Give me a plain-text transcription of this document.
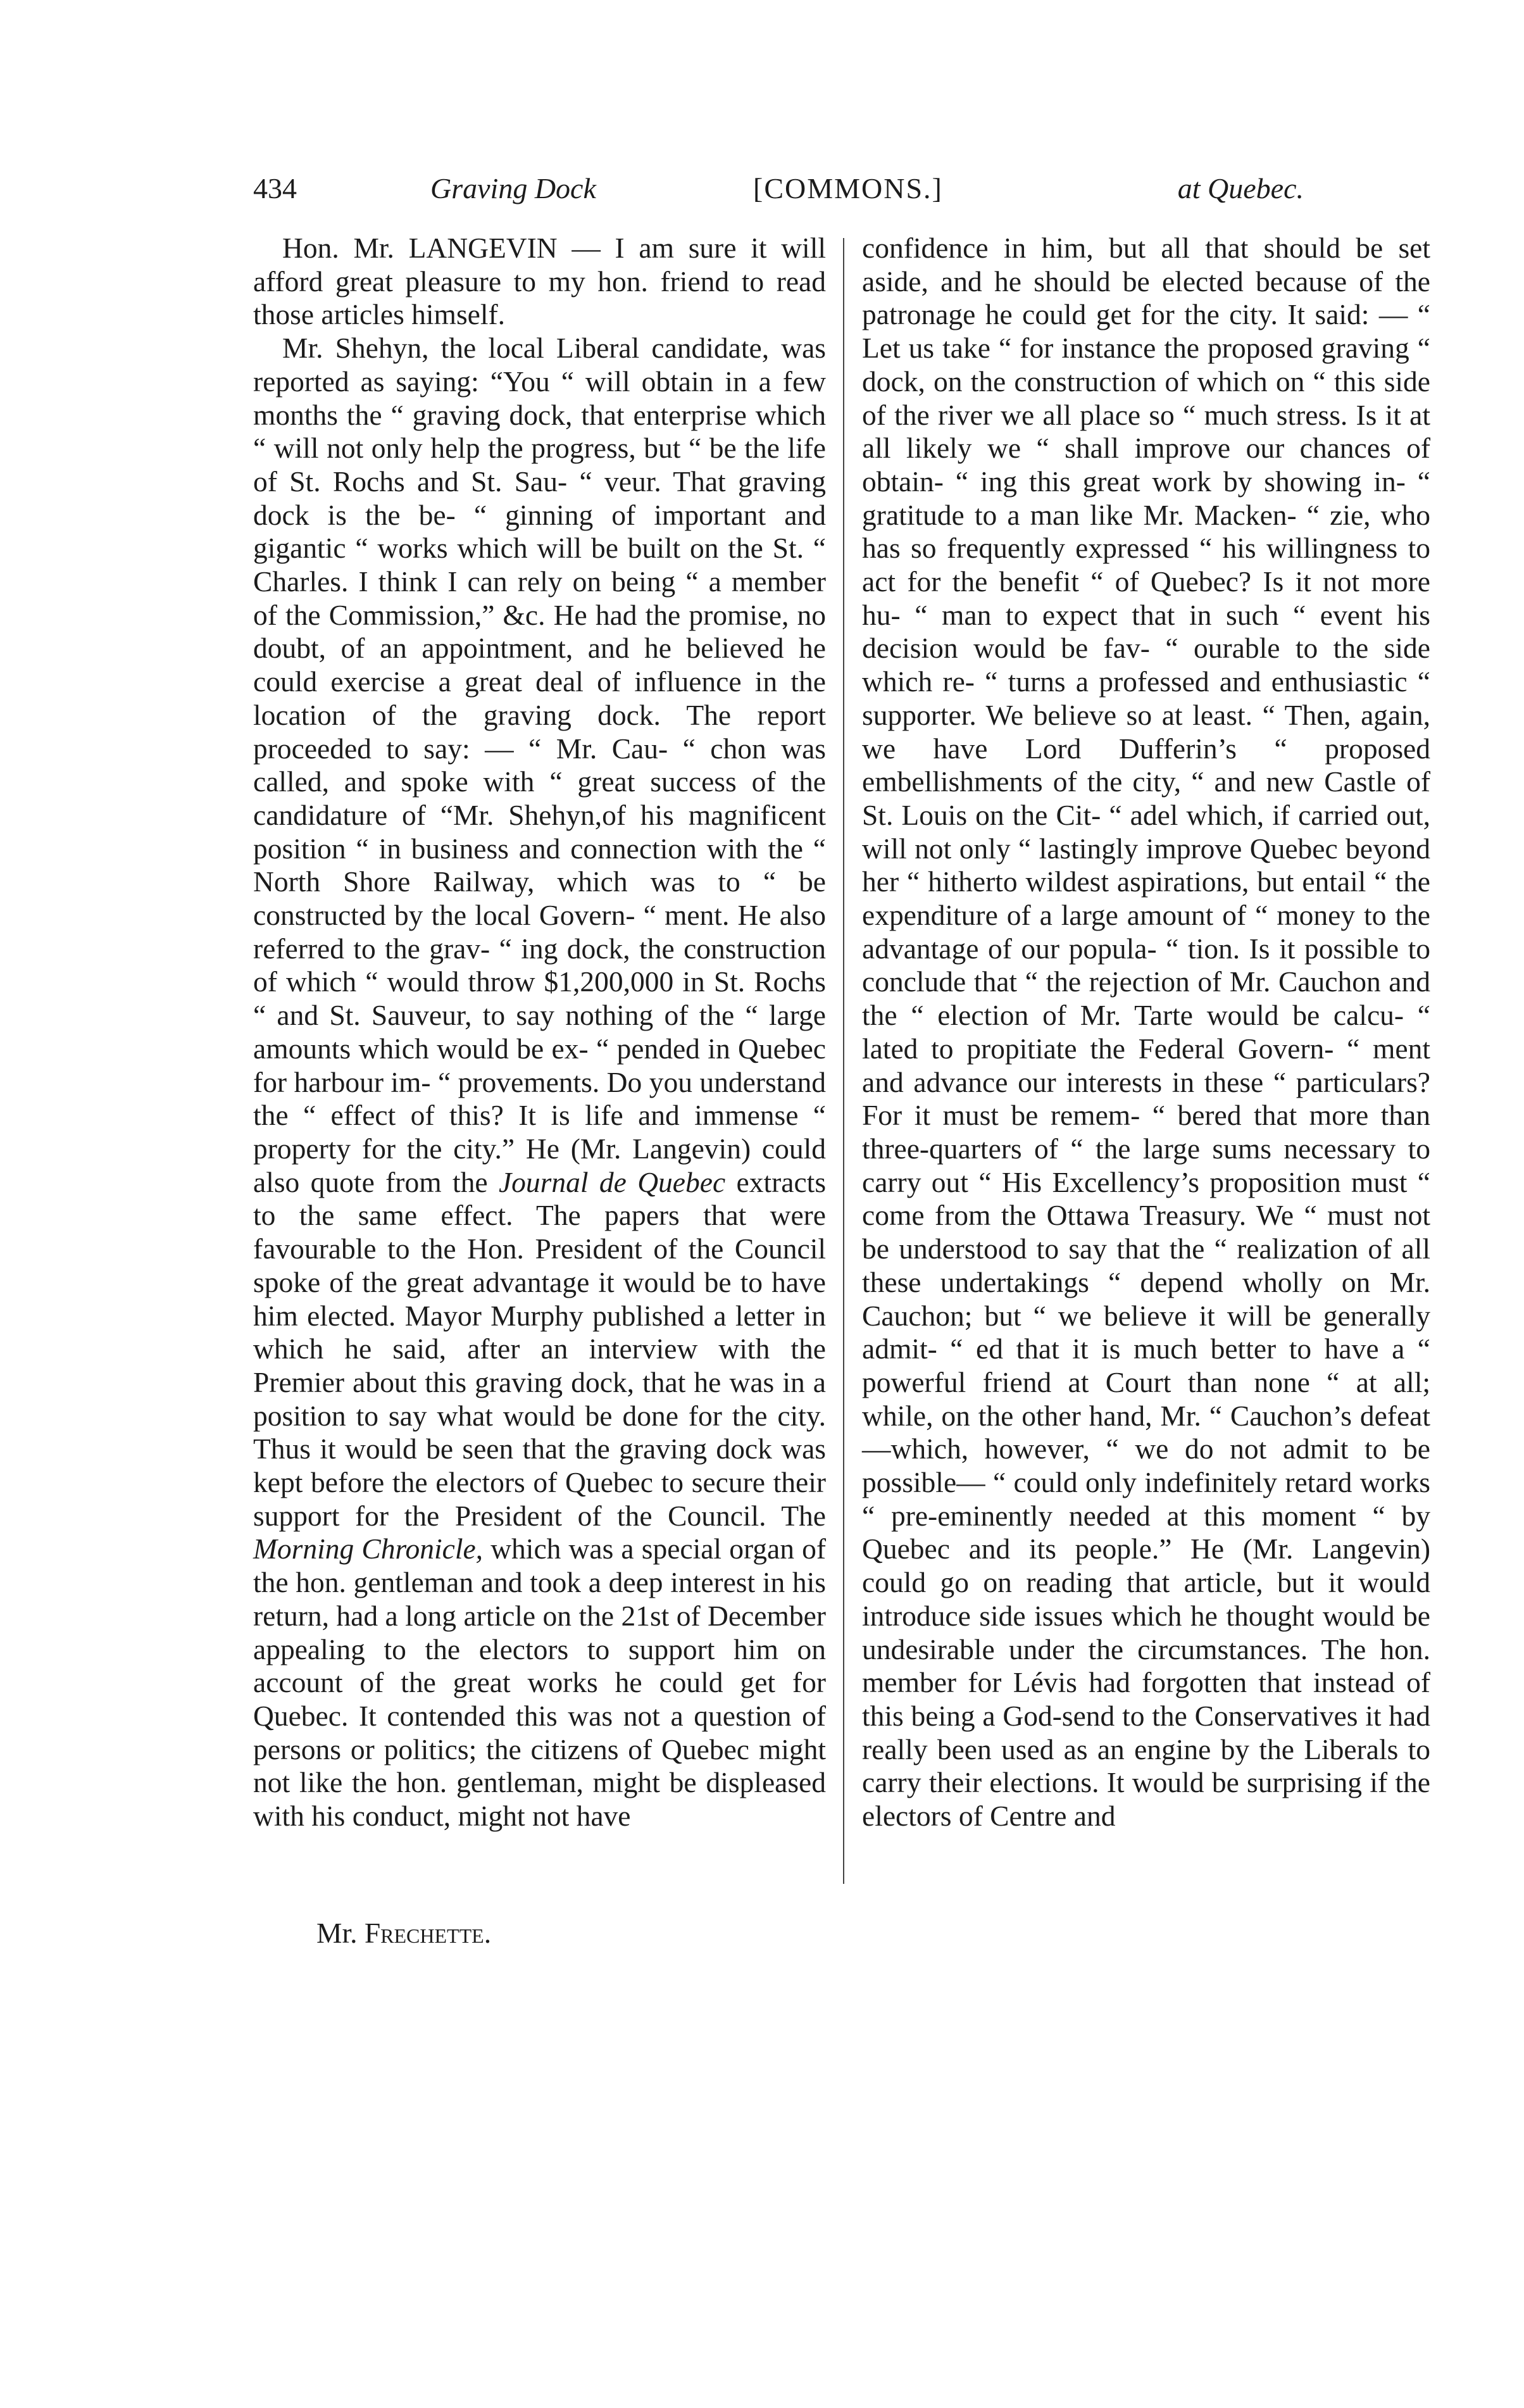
434	Graving Dock	[COMMONS.]	at Quebec.

Hon. Mr. LANGEVIN — I am sure it will afford great pleasure to my hon. friend to read those articles himself.

Mr. Shehyn, the local Liberal candidate, was reported as saying: “You “ will obtain in a few months the “ graving dock, that enterprise which “ will not only help the progress, but “ be the life of St. Rochs and St. Sau- “ veur. That graving dock is the be- “ ginning of important and gigantic “ works which will be built on the St. “ Charles. I think I can rely on being “ a member of the Commission,” &c. He had the promise, no doubt, of an appointment, and he believed he could exercise a great deal of influence in the location of the graving dock. The report proceeded to say: — “ Mr. Cau- “ chon was called, and spoke with “ great success of the candidature of “Mr. Shehyn,of his magnificent position “ in business and connection with the “ North Shore Railway, which was to “ be constructed by the local Govern- “ ment. He also referred to the grav- “ ing dock, the construction of which “ would throw $1,200,000 in St. Rochs “ and St. Sauveur, to say nothing of the “ large amounts which would be ex- “ pended in Quebec for harbour im- “ provements. Do you understand the “ effect of this? It is life and immense “ property for the city.” He (Mr. Langevin) could also quote from the Journal de Quebec extracts to the same effect. The papers that were favourable to the Hon. President of the Council spoke of the great advantage it would be to have him elected. Mayor Murphy published a letter in which he said, after an interview with the Premier about this graving dock, that he was in a position to say what would be done for the city. Thus it would be seen that the graving dock was kept before the electors of Quebec to secure their support for the President of the Council. The Morning Chronicle, which was a special organ of the hon. gentleman and took a deep interest in his return, had a long article on the 21st of December appealing to the electors to support him on account of the great works he could get for Quebec. It contended this was not a question of persons or politics; the citizens of Quebec might not like the hon. gentleman, might be displeased with his conduct, might not have

confidence in him, but all that should be set aside, and he should be elected because of the patronage he could get for the city. It said: — “ Let us take “ for instance the proposed graving “ dock, on the construction of which on “ this side of the river we all place so “ much stress. Is it at all likely we “ shall improve our chances of obtain- “ ing this great work by showing in- “ gratitude to a man like Mr. Macken- “ zie, who has so frequently expressed “ his willingness to act for the benefit “ of Quebec? Is it not more hu- “ man to expect that in such “ event his decision would be fav- “ ourable to the side which re- “ turns a professed and enthusiastic “ supporter. We believe so at least. “ Then, again, we have Lord Dufferin’s “ proposed embellishments of the city, “ and new Castle of St. Louis on the Cit- “ adel which, if carried out, will not only “ lastingly improve Quebec beyond her “ hitherto wildest aspirations, but entail “ the expenditure of a large amount of “ money to the advantage of our popula- “ tion. Is it possible to conclude that “ the rejection of Mr. Cauchon and the “ election of Mr. Tarte would be calcu- “ lated to propitiate the Federal Govern- “ ment and advance our interests in these “ particulars? For it must be remem- “ bered that more than three-quarters of “ the large sums necessary to carry out “ His Excellency’s proposition must “ come from the Ottawa Treasury. We “ must not be understood to say that the “ realization of all these undertakings “ depend wholly on Mr. Cauchon; but “ we believe it will be generally admit- “ ed that it is much better to have a “ powerful friend at Court than none “ at all; while, on the other hand, Mr. “ Cauchon’s defeat—which, however, “ we do not admit to be possible— “ could only indefinitely retard works “ pre-eminently needed at this moment “ by Quebec and its people.” He (Mr. Langevin) could go on reading that article, but it would introduce side issues which he thought would be undesirable under the circumstances. The hon. member for Lévis had forgotten that instead of this being a God-send to the Conservatives it had really been used as an engine by the Liberals to carry their elections. It would be surprising if the electors of Centre and

Mr. Frechette.
